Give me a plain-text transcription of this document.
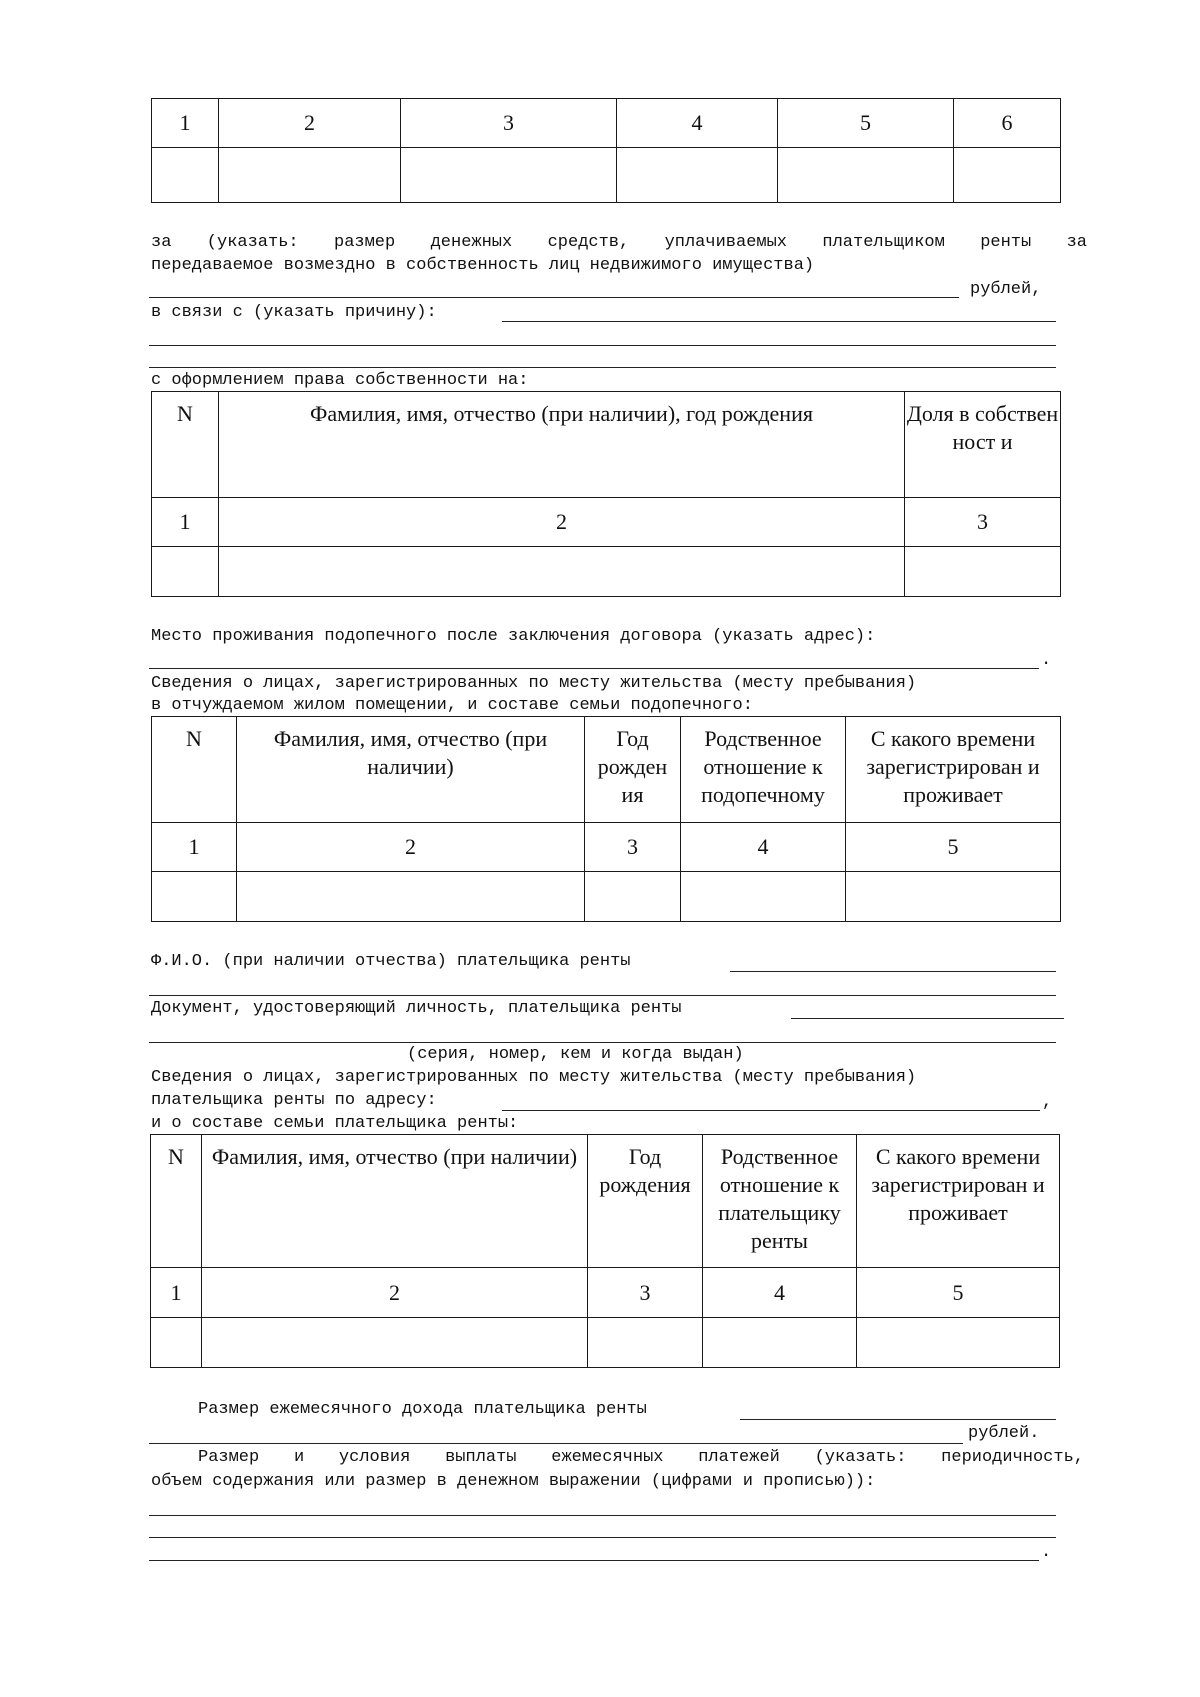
1	2	3	4	5	6

за (указать: размер денежных средств, уплачиваемых плательщиком ренты за
передаваемое возмездно в собственность лиц недвижимого имущества)
рублей,
в связи с (указать причину):
с оформлением права собственности на:
N	Фамилия, имя, отчество (при наличии), год рождения	Доля в собственност и
1	2	3

Место проживания подопечного после заключения договора (указать адрес):
.
Сведения о лицах, зарегистрированных по месту жительства (месту пребывания)
в отчуждаемом жилом помещении, и составе семьи подопечного:
N	Фамилия, имя, отчество (при наличии)	Год рожден ия	Родственное отношение к подопечному	С какого времени зарегистрирован и проживает
1	2	3	4	5

Ф.И.О. (при наличии отчества) плательщика ренты
Документ, удостоверяющий личность, плательщика ренты
(серия, номер, кем и когда выдан)
Сведения о лицах, зарегистрированных по месту жительства (месту пребывания)
плательщика ренты по адресу:	,
и о составе семьи плательщика ренты:
N	Фамилия, имя, отчество (при наличии)	Год рождения	Родственное отношение к плательщику ренты	С какого времени зарегистрирован и проживает
1	2	3	4	5

Размер ежемесячного дохода плательщика ренты
рублей.
Размер и условия выплаты ежемесячных платежей (указать: периодичность,
объем содержания или размер в денежном выражении (цифрами и прописью)):
.
